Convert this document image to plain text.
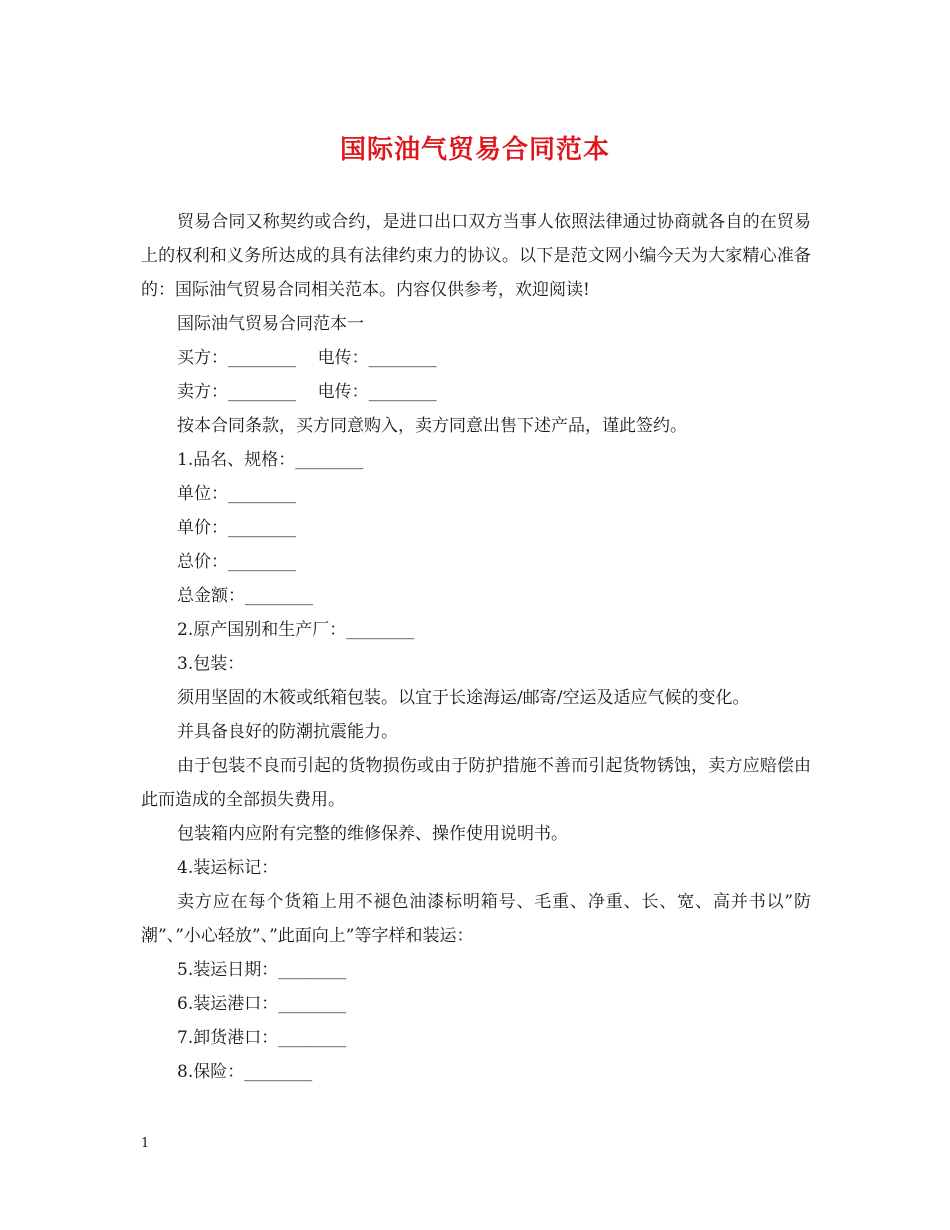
国际油气贸易合同范本

贸易合同又称契约或合约，是进口出口双方当事人依照法律通过协商就各自的在贸易上的权利和义务所达成的具有法律约束力的协议。以下是范文网小编今天为大家精心准备的：国际油气贸易合同相关范本。内容仅供参考，欢迎阅读!

国际油气贸易合同范本一

买方：________    电传：________

卖方：________    电传：________

按本合同条款，买方同意购入，卖方同意出售下述产品，谨此签约。

1.品名、规格：________

单位：________

单价：________

总价：________

总金额：________

2.原产国别和生产厂：________

3.包装：

须用坚固的木筱或纸箱包装。以宜于长途海运/邮寄/空运及适应气候的变化。

并具备良好的防潮抗震能力。

由于包装不良而引起的货物损伤或由于防护措施不善而引起货物锈蚀，卖方应赔偿由此而造成的全部损失费用。

包装箱内应附有完整的维修保养、操作使用说明书。

4.装运标记：

卖方应在每个货箱上用不褪色油漆标明箱号、毛重、净重、长、宽、高并书以”防潮”、”小心轻放”、”此面向上”等字样和装运：

5.装运日期：________

6.装运港口：________

7.卸货港口：________

8.保险：________

1
